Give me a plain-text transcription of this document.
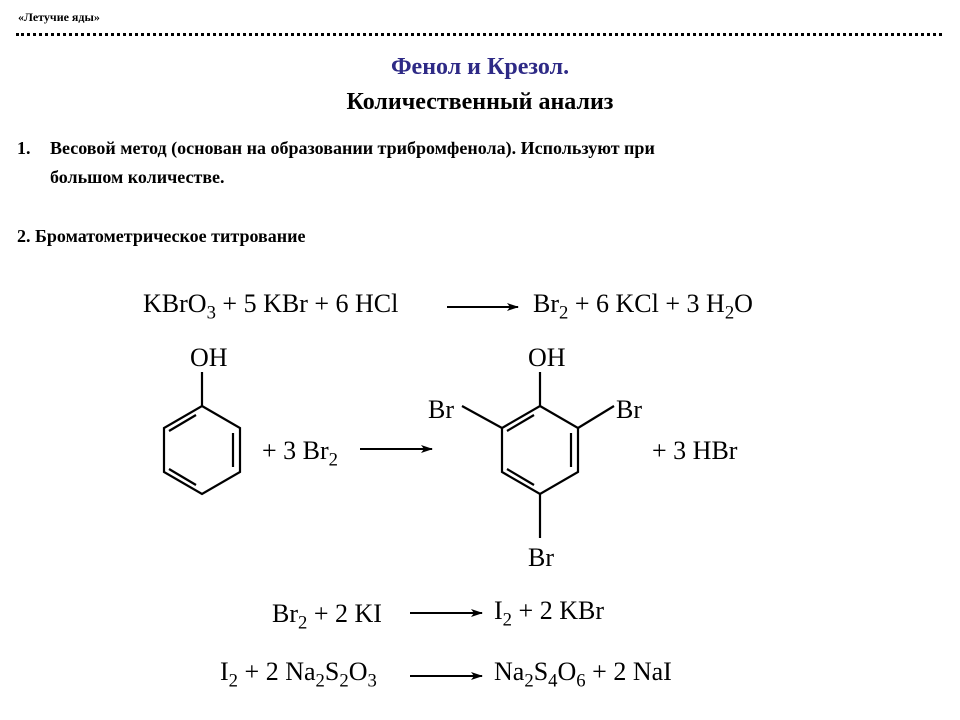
«Летучие яды»
Фенол и Крезол.
Количественный анализ
1. Весовой метод (основан на образовании трибромфенола). Используют при
большом количестве.
2. Броматометрическое титрование
KBrO$_3$ + 5 KBr + 6 HCl	$Br_2 + 6$ KCl + 3 $H_2O$
+ 3 $Br_2$	+ 3 HBr
$Br_2 + 2$ KI	$I_2 + 2$ KBr
$I_2 + 2$ $Na_2S_2O_3$	$Na_2S_4O_6 + 2$ NaI
OH	OH
Br	Br
Br
